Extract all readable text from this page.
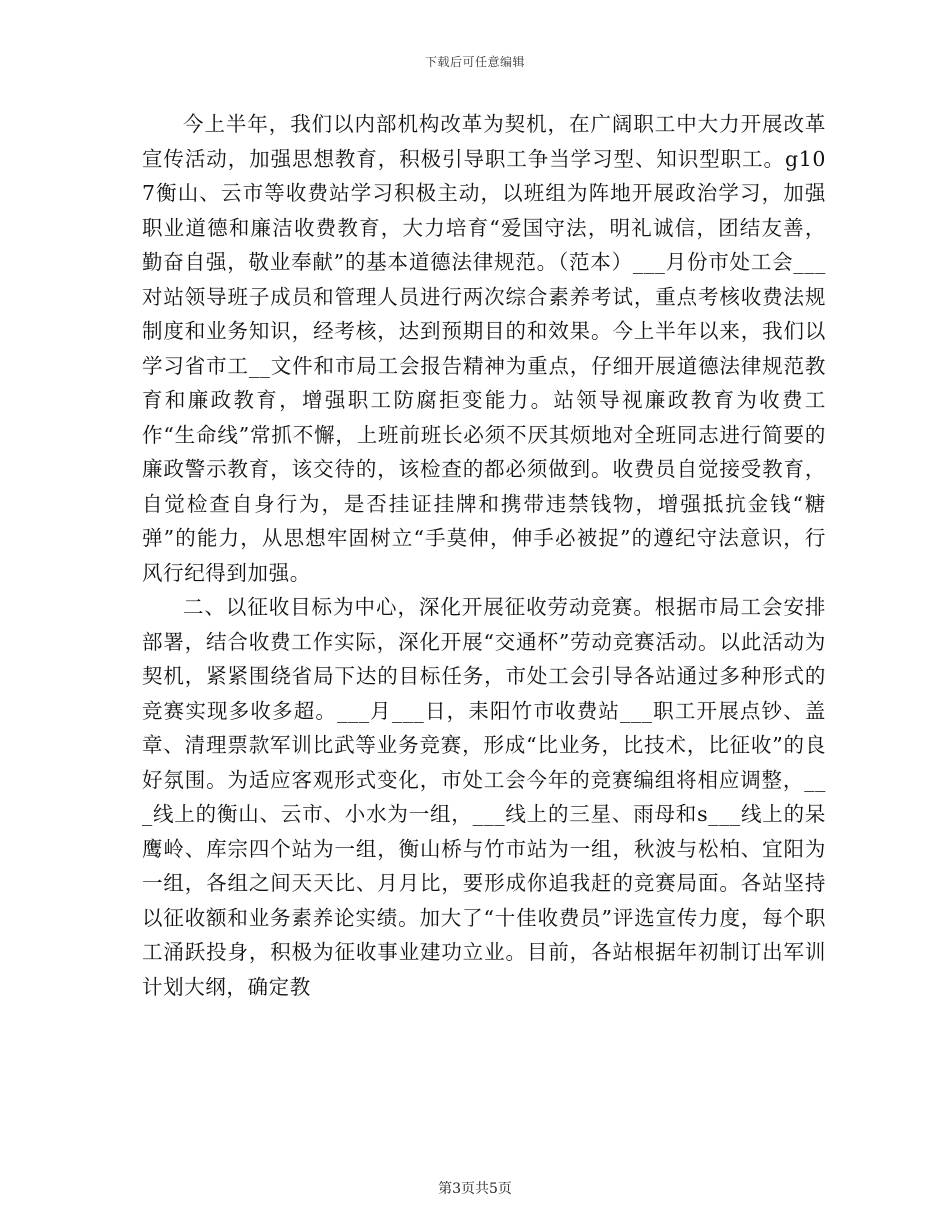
下载后可任意编辑

今上半年，我们以内部机构改革为契机，在广阔职工中大力开展改革宣传活动，加强思想教育，积极引导职工争当学习型、知识型职工。g107衡山、云市等收费站学习积极主动，以班组为阵地开展政治学习，加强职业道德和廉洁收费教育，大力培育“爱国守法，明礼诚信，团结友善，勤奋自强，敬业奉献”的基本道德法律规范。（范本）___月份市处工会___对站领导班子成员和管理人员进行两次综合素养考试，重点考核收费法规制度和业务知识，经考核，达到预期目的和效果。今上半年以来，我们以学习省市工__文件和市局工会报告精神为重点，仔细开展道德法律规范教育和廉政教育，增强职工防腐拒变能力。站领导视廉政教育为收费工作“生命线”常抓不懈，上班前班长必须不厌其烦地对全班同志进行简要的廉政警示教育，该交待的，该检查的都必须做到。收费员自觉接受教育，自觉检查自身行为，是否挂证挂牌和携带违禁钱物，增强抵抗金钱“糖弹”的能力，从思想牢固树立“手莫伸，伸手必被捉”的遵纪守法意识，行风行纪得到加强。

二、以征收目标为中心，深化开展征收劳动竞赛。根据市局工会安排部署，结合收费工作实际，深化开展“交通杯”劳动竞赛活动。以此活动为契机，紧紧围绕省局下达的目标任务，市处工会引导各站通过多种形式的竞赛实现多收多超。___月___日，耒阳竹市收费站___职工开展点钞、盖章、清理票款军训比武等业务竞赛，形成“比业务，比技术，比征收”的良好氛围。为适应客观形式变化，市处工会今年的竞赛编组将相应调整，___线上的衡山、云市、小水为一组，___线上的三星、雨母和s___线上的呆鹰岭、库宗四个站为一组，衡山桥与竹市站为一组，秋波与松柏、宜阳为一组，各组之间天天比、月月比，要形成你追我赶的竞赛局面。各站坚持以征收额和业务素养论实绩。加大了“十佳收费员”评选宣传力度，每个职工涌跃投身，积极为征收事业建功立业。目前，各站根据年初制订出军训计划大纲，确定教

第3页共5页
